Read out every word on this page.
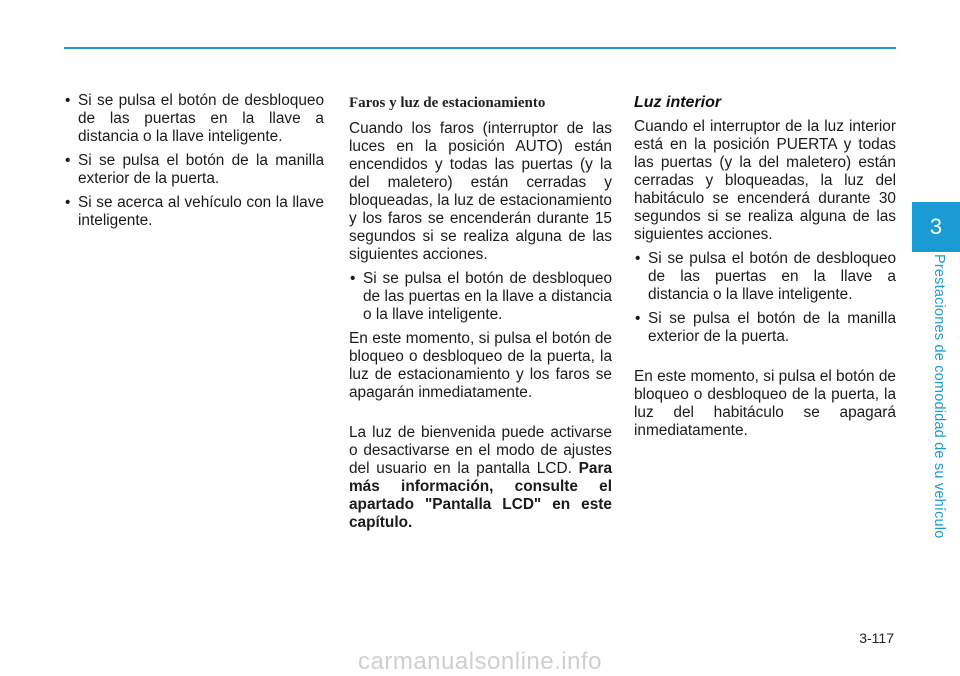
• Si se pulsa el botón de desbloqueo de las puertas en la llave a distancia o la llave inteligente.
• Si se pulsa el botón de la manilla exterior de la puerta.
• Si se acerca al vehículo con la llave inteligente.
Faros y luz de estacionamiento

Cuando los faros (interruptor de las luces en la posición AUTO) están encendidos y todas las puertas (y la del maletero) están cerradas y bloqueadas, la luz de estacionamiento y los faros se encenderán durante 15 segundos si se realiza alguna de las siguientes acciones.

• Si se pulsa el botón de desbloqueo de las puertas en la llave a distancia o la llave inteligente.

En este momento, si pulsa el botón de bloqueo o desbloqueo de la puerta, la luz de estacionamiento y los faros se apagarán inmediatamente.

La luz de bienvenida puede activarse o desactivarse en el modo de ajustes del usuario en la pantalla LCD. Para más información, consulte el apartado "Pantalla LCD" en este capítulo.

Luz interior

Cuando el interruptor de la luz interior está en la posición PUERTA y todas las puertas (y la del maletero) están cerradas y bloqueadas, la luz del habitáculo se encenderá durante 30 segundos si se realiza alguna de las siguientes acciones.

• Si se pulsa el botón de desbloqueo de las puertas en la llave a distancia o la llave inteligente.
• Si se pulsa el botón de la manilla exterior de la puerta.

En este momento, si pulsa el botón de bloqueo o desbloqueo de la puerta, la luz del habitáculo se apagará inmediatamente.

3
Prestaciones de comodidad de su vehículo
3-117
carmanualsonline.info
